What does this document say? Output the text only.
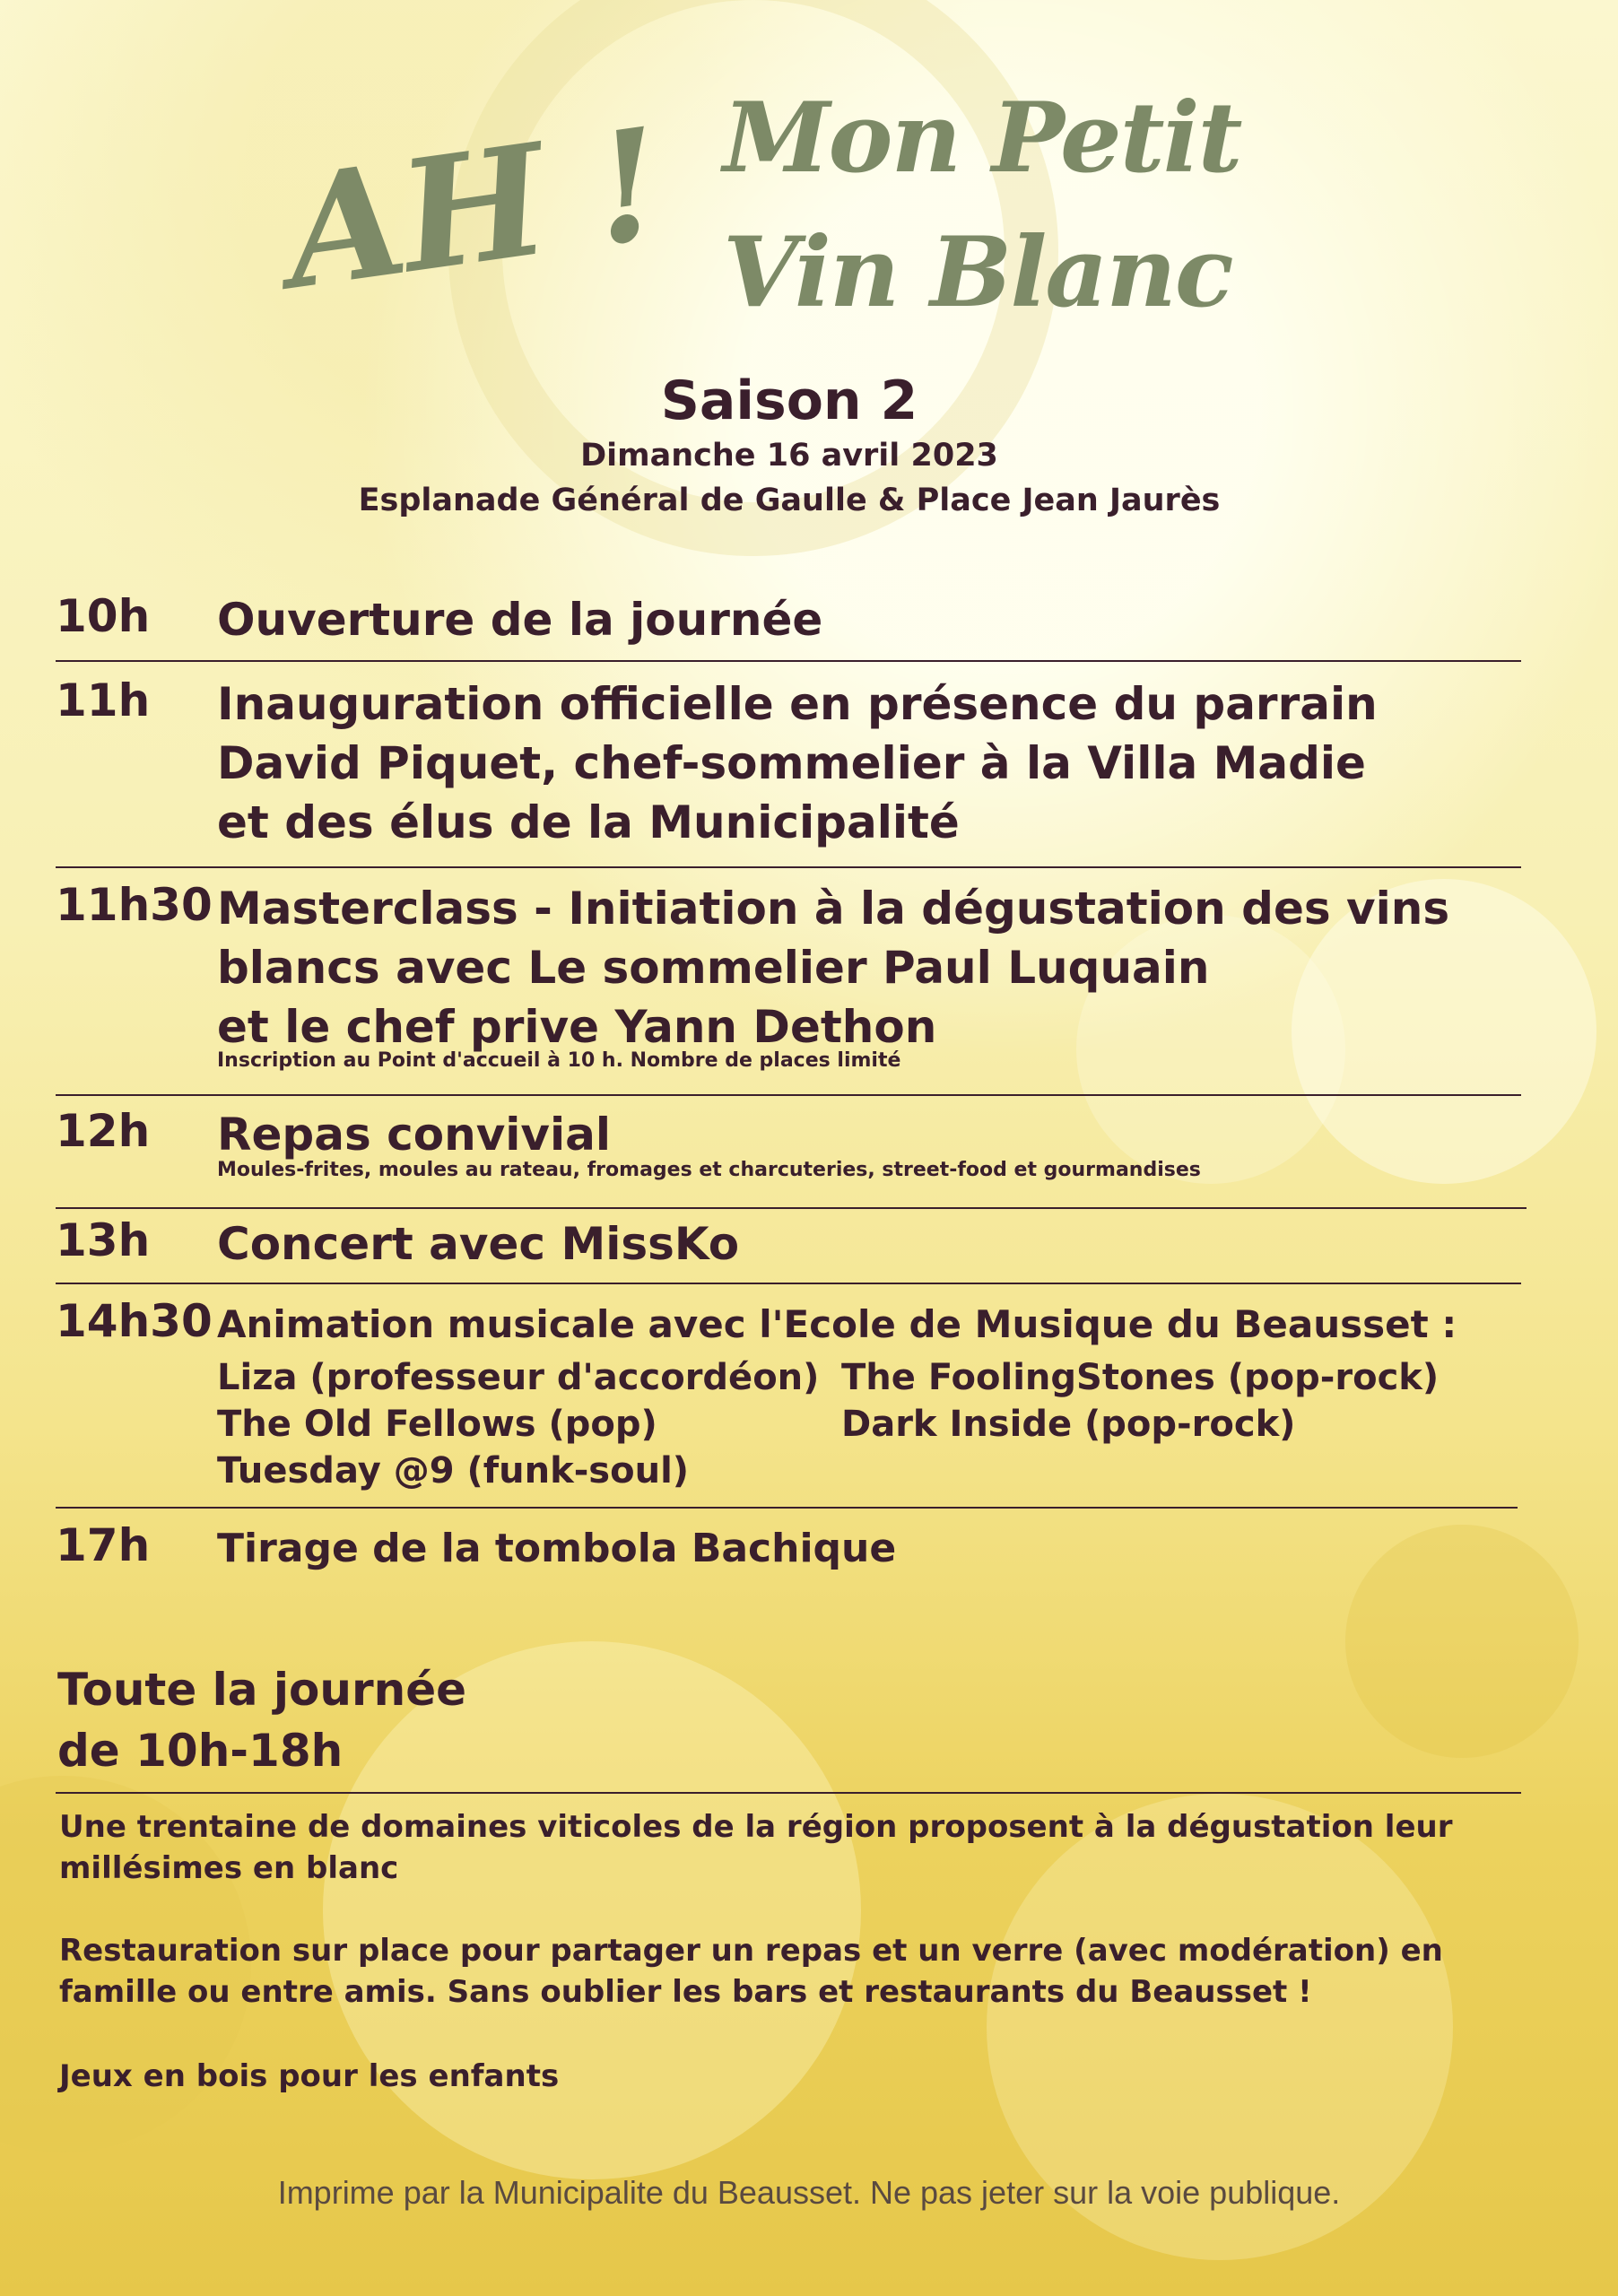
AH ! Mon Petit
Vin Blanc
Saison 2
Dimanche 16 avril 2023
Esplanade Général de Gaulle & Place Jean Jaurès
10h Ouverture de la journée
11h Inauguration officielle en présence du parrain
David Piquet, chef-sommelier à la Villa Madie
et des élus de la Municipalité
11h30 Masterclass - Initiation à la dégustation des vins
blancs avec Le sommelier Paul Luquain
et le chef prive Yann Dethon
Inscription au Point d'accueil à 10 h. Nombre de places limité
12h Repas convivial
Moules-frites, moules au rateau, fromages et charcuteries, street-food et gourmandises
13h Concert avec MissKo
14h30 Animation musicale avec l'Ecole de Musique du Beausset :
Liza (professeur d'accordéon)
The Old Fellows (pop)
Tuesday @9 (funk-soul)
The FoolingStones (pop-rock)
Dark Inside (pop-rock)
17h Tirage de la tombola Bachique
Toute la journée
de 10h-18h
Une trentaine de domaines viticoles de la région proposent à la dégustation leur
millésimes en blanc
Restauration sur place pour partager un repas et un verre (avec modération) en
famille ou entre amis. Sans oublier les bars et restaurants du Beausset !
Jeux en bois pour les enfants
Imprime par la Municipalite du Beausset. Ne pas jeter sur la voie publique.
